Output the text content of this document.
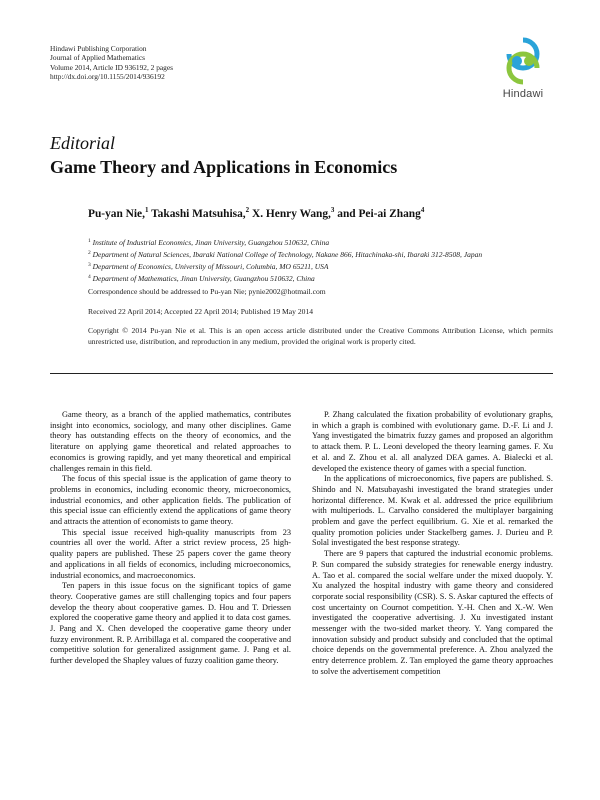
Hindawi Publishing Corporation
Journal of Applied Mathematics
Volume 2014, Article ID 936192, 2 pages
http://dx.doi.org/10.1155/2014/936192
Hindawi
Editorial
Game Theory and Applications in Economics
Pu-yan Nie,$^1$ Takashi Matsuhisa,$^2$ X. Henry Wang,$^3$ and Pei-ai Zhang$^4$
$^1$ Institute of Industrial Economics, Jinan University, Guangzhou 510632, China
$^2$ Department of Natural Sciences, Ibaraki National College of Technology, Nakane 866, Hitachinaka-shi, Ibaraki 312-8508, Japan
$^3$ Department of Economics, University of Missouri, Columbia, MO 65211, USA
$^4$ Department of Mathematics, Jinan University, Guangzhou 510632, China
Correspondence should be addressed to Pu-yan Nie; pynie2002@hotmail.com
Received 22 April 2014; Accepted 22 April 2014; Published 19 May 2014
Copyright © 2014 Pu-yan Nie et al. This is an open access article distributed under the Creative Commons Attribution License, which permits unrestricted use, distribution, and reproduction in any medium, provided the original work is properly cited.

Game theory, as a branch of the applied mathematics, contributes insight into economics, sociology, and many other disciplines. Game theory has outstanding effects on the theory of economics, and the literature on applying game theoretical and related approaches to economics is growing rapidly, and yet many theoretical and empirical challenges remain in this field.

The focus of this special issue is the application of game theory to problems in economics, including economic theory, microeconomics, industrial economics, and other application fields. The publication of this special issue can efficiently extend the applications of game theory and attracts the attention of economists to game theory.

This special issue received high-quality manuscripts from 23 countries all over the world. After a strict review process, 25 high-quality papers are published. These 25 papers cover the game theory and applications in all fields of economics, including microeconomics, industrial economics, and macroeconomics.

Ten papers in this issue focus on the significant topics of game theory. Cooperative games are still challenging topics and four papers develop the theory about cooperative games. D. Hou and T. Driessen explored the cooperative game theory and applied it to data cost games. J. Pang and X. Chen developed the cooperative game theory under fuzzy environment. R. P. Arribillaga et al. compared the cooperative and competitive solution for generalized assignment game. J. Pang et al. further developed the Shapley values of fuzzy coalition game theory.

P. Zhang calculated the fixation probability of evolutionary graphs, in which a graph is combined with evolutionary game. D.-F. Li and J. Yang investigated the bimatrix fuzzy games and proposed an algorithm to attack them. P. L. Leoni developed the theory learning games. F. Xu et al. and Z. Zhou et al. all analyzed DEA games. A. Bialecki et al. developed the existence theory of games with a special function.

In the applications of microeconomics, five papers are published. S. Shindo and N. Matsubayashi investigated the brand strategies under horizontal difference. M. Kwak et al. addressed the price equilibrium with multiperiods. L. Carvalho considered the multiplayer bargaining problem and gave the perfect equilibrium. G. Xie et al. remarked the quality promotion policies under Stackelberg games. J. Durieu and P. Solal investigated the best response strategy.

There are 9 papers that captured the industrial economic problems. P. Sun compared the subsidy strategies for renewable energy industry. A. Tao et al. compared the social welfare under the mixed duopoly. Y. Xu analyzed the hospital industry with game theory and considered corporate social responsibility (CSR). S. S. Askar captured the effects of cost uncertainty on Cournot competition. Y.-H. Chen and X.-W. Wen investigated the cooperative advertising. J. Xu investigated instant messenger with the two-sided market theory. Y. Yang compared the innovation subsidy and product subsidy and concluded that the optimal choice depends on the governmental preference. A. Zhou analyzed the entry deterrence problem. Z. Tan employed the game theory approaches to solve the advertisement competition
